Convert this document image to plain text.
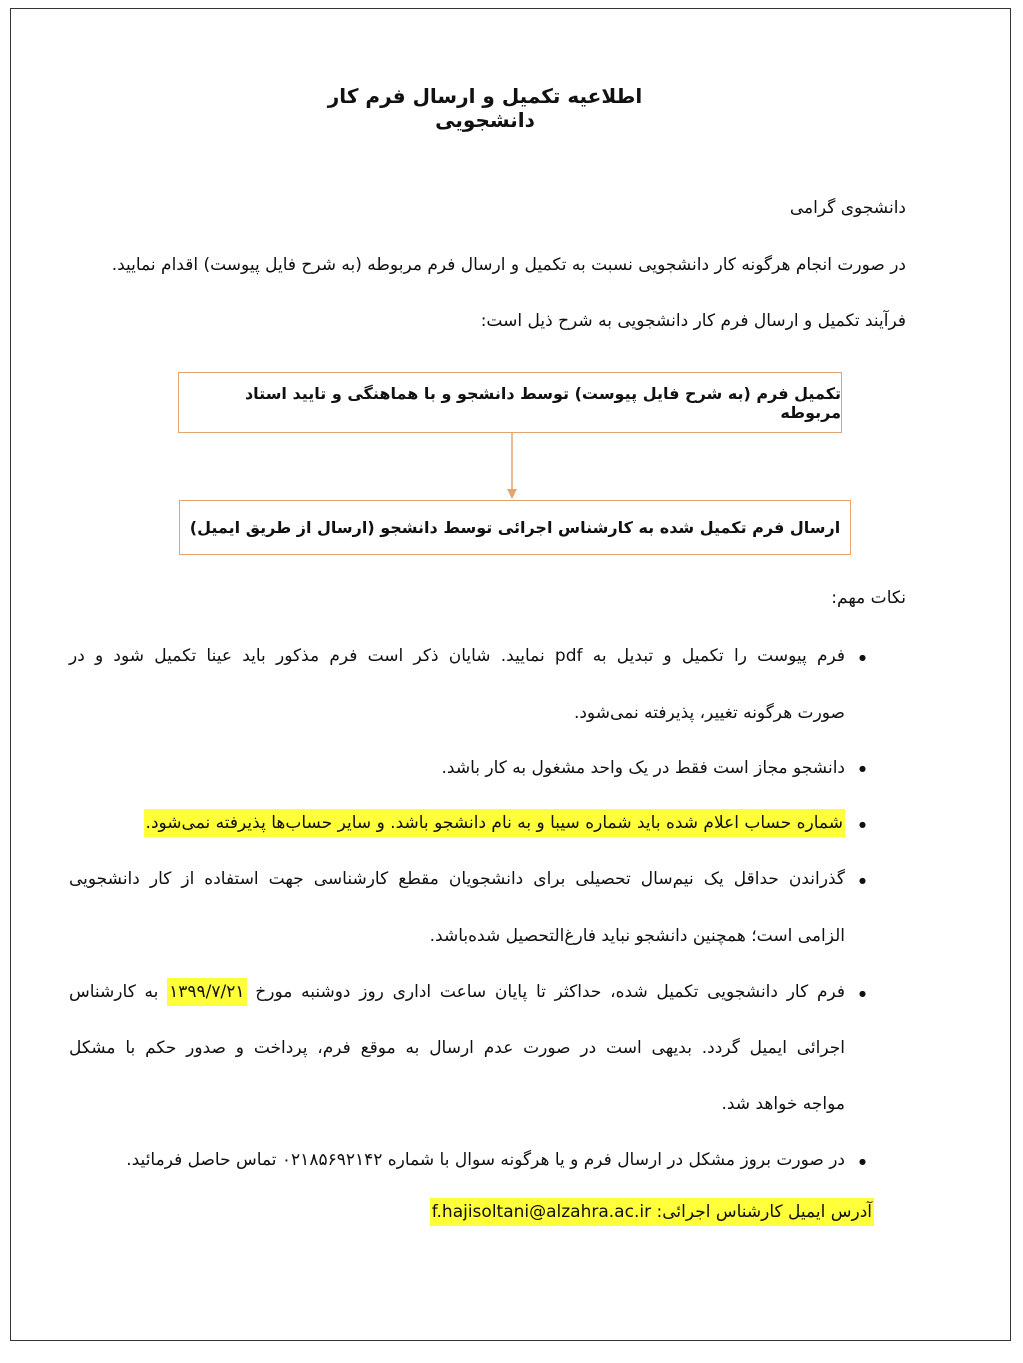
اطلاعیه تکمیل و ارسال فرم کار دانشجویی
دانشجوی گرامی
در صورت انجام هرگونه کار دانشجویی نسبت به تکمیل و ارسال فرم مربوطه (به شرح فایل پیوست) اقدام نمایید.
فرآیند تکمیل و ارسال فرم کار دانشجویی به شرح ذیل است:
تکمیل فرم (به شرح فایل پیوست) توسط دانشجو و با هماهنگی و تایید استاد مربوطه
ارسال فرم تکمیل شده به کارشناس اجرائی توسط دانشجو (ارسال از طریق ایمیل)
نکات مهم:
●
فرم پیوست را تکمیل و تبدیل به pdf نمایید. شایان ذکر است فرم مذکور باید عینا تکمیل شود و در
صورت هرگونه تغییر، پذیرفته نمی‌شود.
●
دانشجو مجاز است فقط در یک واحد مشغول به کار باشد.
●
شماره حساب اعلام شده باید شماره سیبا و به نام دانشجو باشد. و سایر حساب‌ها پذیرفته نمی‌شود.
●
گذراندن حداقل یک نیم‌سال تحصیلی برای دانشجویان مقطع کارشناسی جهت استفاده از کار دانشجویی
الزامی است؛ همچنین دانشجو نباید فارغ‌التحصیل شده‌باشد.
●
فرم کار دانشجویی تکمیل شده، حداکثر تا پایان ساعت اداری روز دوشنبه مورخ ۱۳۹۹/۷/۲۱ به کارشناس
اجرائی ایمیل گردد. بدیهی است در صورت عدم ارسال به موقع فرم، پرداخت و صدور حکم با مشکل
مواجه خواهد شد.
●
در صورت بروز مشکل در ارسال فرم و یا هرگونه سوال با شماره ۰۲۱۸۵۶۹۲۱۴۲ تماس حاصل فرمائید.
آدرس ایمیل کارشناس اجرائی: f.hajisoltani@alzahra.ac.ir
